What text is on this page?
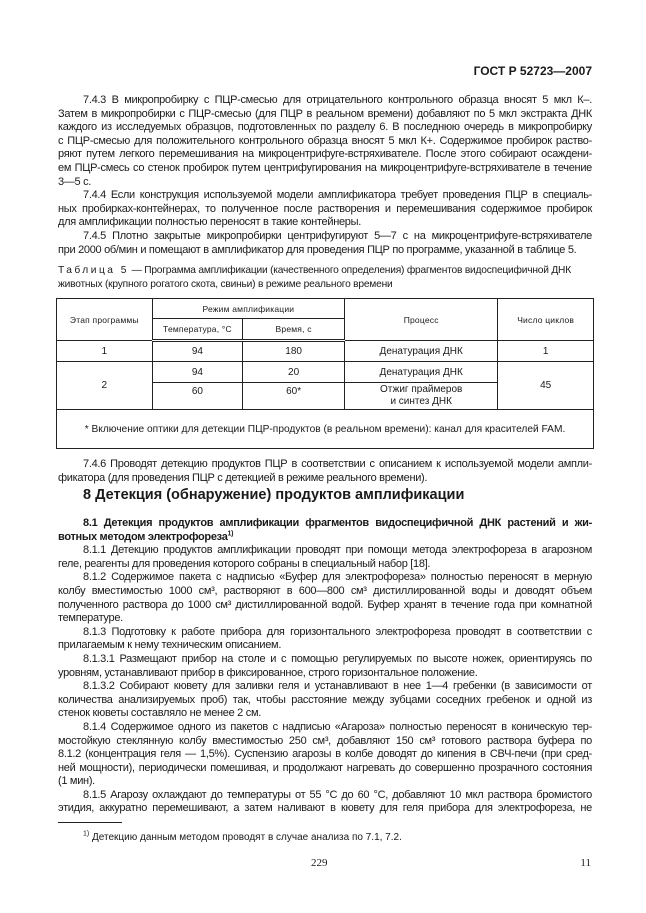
ГОСТ Р 52723—2007
7.4.3 В микропробирку с ПЦР-смесью для отрицательного контрольного образца вносят 5 мкл К–.
Затем в микропробирки с ПЦР-смесью (для ПЦР в реальном времени) добавляют по 5 мкл экстракта ДНК
каждого из исследуемых образцов, подготовленных по разделу 6. В последнюю очередь в микропробирку
с ПЦР-смесью для положительного контрольного образца вносят 5 мкл К+. Содержимое пробирок раство-
ряют путем легкого перемешивания на микроцентрифуге-встряхивателе. После этого собирают осаждени-
ем ПЦР-смесь со стенок пробирок путем центрифугирования на микроцентрифуге-встряхивателе в течение
3—5 с.
7.4.4 Если конструкция используемой модели амплификатора требует проведения ПЦР в специаль-
ных пробирках-контейнерах, то полученное после растворения и перемешивания содержимое пробирок
для амплификации полностью переносят в такие контейнеры.
7.4.5 Плотно закрытые микропробирки центрифугируют 5—7 с на микроцентрифуге-встряхивателе
при 2000 об/мин и помещают в амплификатор для проведения ПЦР по программе, указанной в таблице 5.
Таблица 5 — Программа амплификации (качественного определения) фрагментов видоспецифичной ДНК
животных (крупного рогатого скота, свиньи) в режиме реального времени
Этап программы	Режим амплификации		Процесс	Число циклов
	Температура, °С	Время, с		
1	94	180	Денатурация ДНК	1
2	94	20	Денатурация ДНК	45
	60	60*	Отжиг праймеров
и синтез ДНК	

* Включение оптики для детекции ПЦР-продуктов (в реальном времени): канал для красителей FAM.				
7.4.6 Проводят детекцию продуктов ПЦР в соответствии с описанием к используемой модели ампли-
фикатора (для проведения ПЦР с детекцией в режиме реального времени).
8 Детекция (обнаружение) продуктов амплификации
8.1 Детекция продуктов амплификации фрагментов видоспецифичной ДНК растений и жи-
вотных методом электрофореза$^{1)}$
8.1.1 Детекцию продуктов амплификации проводят при помощи метода электрофореза в агарозном
геле, реагенты для проведения которого собраны в специальный набор [18].
8.1.2 Содержимое пакета с надписью «Буфер для электрофореза» полностью переносят в мерную
колбу вместимостью 1000 см³, растворяют в 600—800 см³ дистиллированной воды и доводят объем
полученного раствора до 1000 см³ дистиллированной водой. Буфер хранят в течение года при комнатной
температуре.
8.1.3 Подготовку к работе прибора для горизонтального электрофореза проводят в соответствии с
прилагаемым к нему техническим описанием.
8.1.3.1 Размещают прибор на столе и с помощью регулируемых по высоте ножек, ориентируясь по
уровням, устанавливают прибор в фиксированное, строго горизонтальное положение.
8.1.3.2 Собирают кювету для заливки геля и устанавливают в нее 1—4 гребенки (в зависимости от
количества анализируемых проб) так, чтобы расстояние между зубцами соседних гребенок и одной из
стенок кюветы составляло не менее 2 см.
8.1.4 Содержимое одного из пакетов с надписью «Агароза» полностью переносят в коническую тер-
мостойкую стеклянную колбу вместимостью 250 см³, добавляют 150 см³ готового раствора буфера по
8.1.2 (концентрация геля — 1,5%). Суспензию агарозы в колбе доводят до кипения в СВЧ-печи (при сред-
ней мощности), периодически помешивая, и продолжают нагревать до совершенно прозрачного состояния
(1 мин).
8.1.5 Агарозу охлаждают до температуры от 55 °С до 60 °С, добавляют 10 мкл раствора бромистого
этидия, аккуратно перемешивают, а затем наливают в кювету для геля прибора для электрофореза, не
$^{1)}$ Детекцию данным методом проводят в случае анализа по 7.1, 7.2.
229	11
